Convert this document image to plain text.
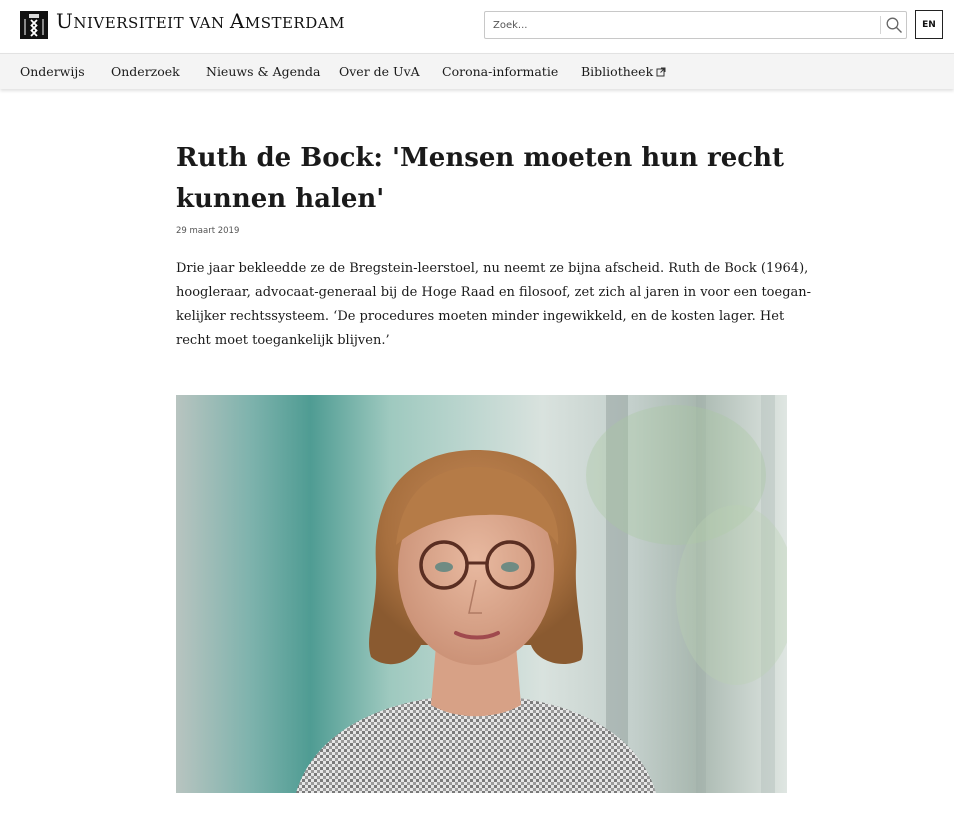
UNIVERSITEIT VAN AMSTERDAM
Zoek...	EN
Onderwijs Onderzoek Nieuws & Agenda Over de UvA Corona-informatie Bibliotheek
Ruth de Bock: 'Mensen moeten hun recht
kunnen halen'
29 maart 2019

Drie jaar bekleedde ze de Bregstein-leerstoel, nu neemt ze bijna afscheid. Ruth de Bock (1964),
hoogleraar, advocaat-generaal bij de Hoge Raad en filosoof, zet zich al jaren in voor een toegan-
kelijker rechtssysteem. ‘De procedures moeten minder ingewikkeld, en de kosten lager. Het
recht moet toegankelijk blijven.’
